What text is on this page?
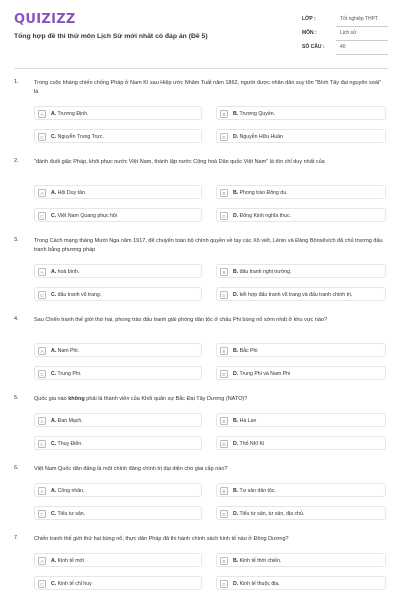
QUIZIZZ
Tổng hợp đề thi thử môn Lịch Sử mới nhất có đáp án (Đề 5)
LỚP :	Tốt nghiệp THPT
MÔN :	Lịch sử
SỐ CÂU :	40
1.	Trong cuộc kháng chiến chống Pháp ở Nam Kì sau Hiệp ước Nhâm Tuất năm 1862, người được nhân dân suy tôn "Bình Tây đại nguyên soái" là
A	A. Trương Định.	B	B. Trương Quyền.
C	C. Nguyễn Trung Trực.	D	D. Nguyễn Hữu Huân
2.	"đánh đuổi giặc Pháp, khôi phục nước Việt Nam, thành lập nước Cộng hoà Dân quốc Việt Nam" là tôn chỉ duy nhất của
A	A. Hội Duy tân.	B	B. Phong trào Đông du.
C	C. Việt Nam Quang phục hội	D	D. Đông Kinh nghĩa thục.
3.	Trong Cách mạng tháng Mười Nga năm 1917, để chuyển toàn bộ chính quyền về tay các Xô viết, Lênin và Đảng Bônsêvích đã chủ trương đấu tranh bằng phương pháp
A	A. hoà bình.	B	B. đấu tranh nghị trường.
C	C. đấu tranh vũ trang.	D	D. kết hợp đấu tranh vũ trang và đấu tranh chính trị.
4.	Sau Chiến tranh thế giới thứ hai, phong trào đấu tranh giải phóng dân tộc ở châu Phi bùng nổ sớm nhất ở khu vực nào?
A	A. Nam Phi.	B	B. Bắc Phi
C	C. Trung Phi.	D	D. Trung Phi và Nam Phi
5.	Quốc gia nào không phải là thành viên của Khối quân sự Bắc Đại Tây Dương (NATO)?
A	A. Đan Mạch.	B	B. Hà Lan
C	C. Thuỵ Điển.	D	D. Thổ Nhĩ Kì
6.	Việt Nam Quốc dân đảng là một chính đảng chính trị đại diện cho giai cấp nào?
A	A. Công nhân.	B	B. Tư sản dân tộc.
C	C. Tiểu tư sản.	D	D. Tiểu tư sản, tư sản, địa chủ.
7.	Chiến tranh thế giới thứ hai bùng nổ, thực dân Pháp đã thi hành chính sách kinh tế nào ở Đông Dương?
A	A. Kinh tế mới	B	B. Kinh tế thời chiến.
C	C. Kinh tế chỉ huy	D	D. Kinh tế thuộc địa.
